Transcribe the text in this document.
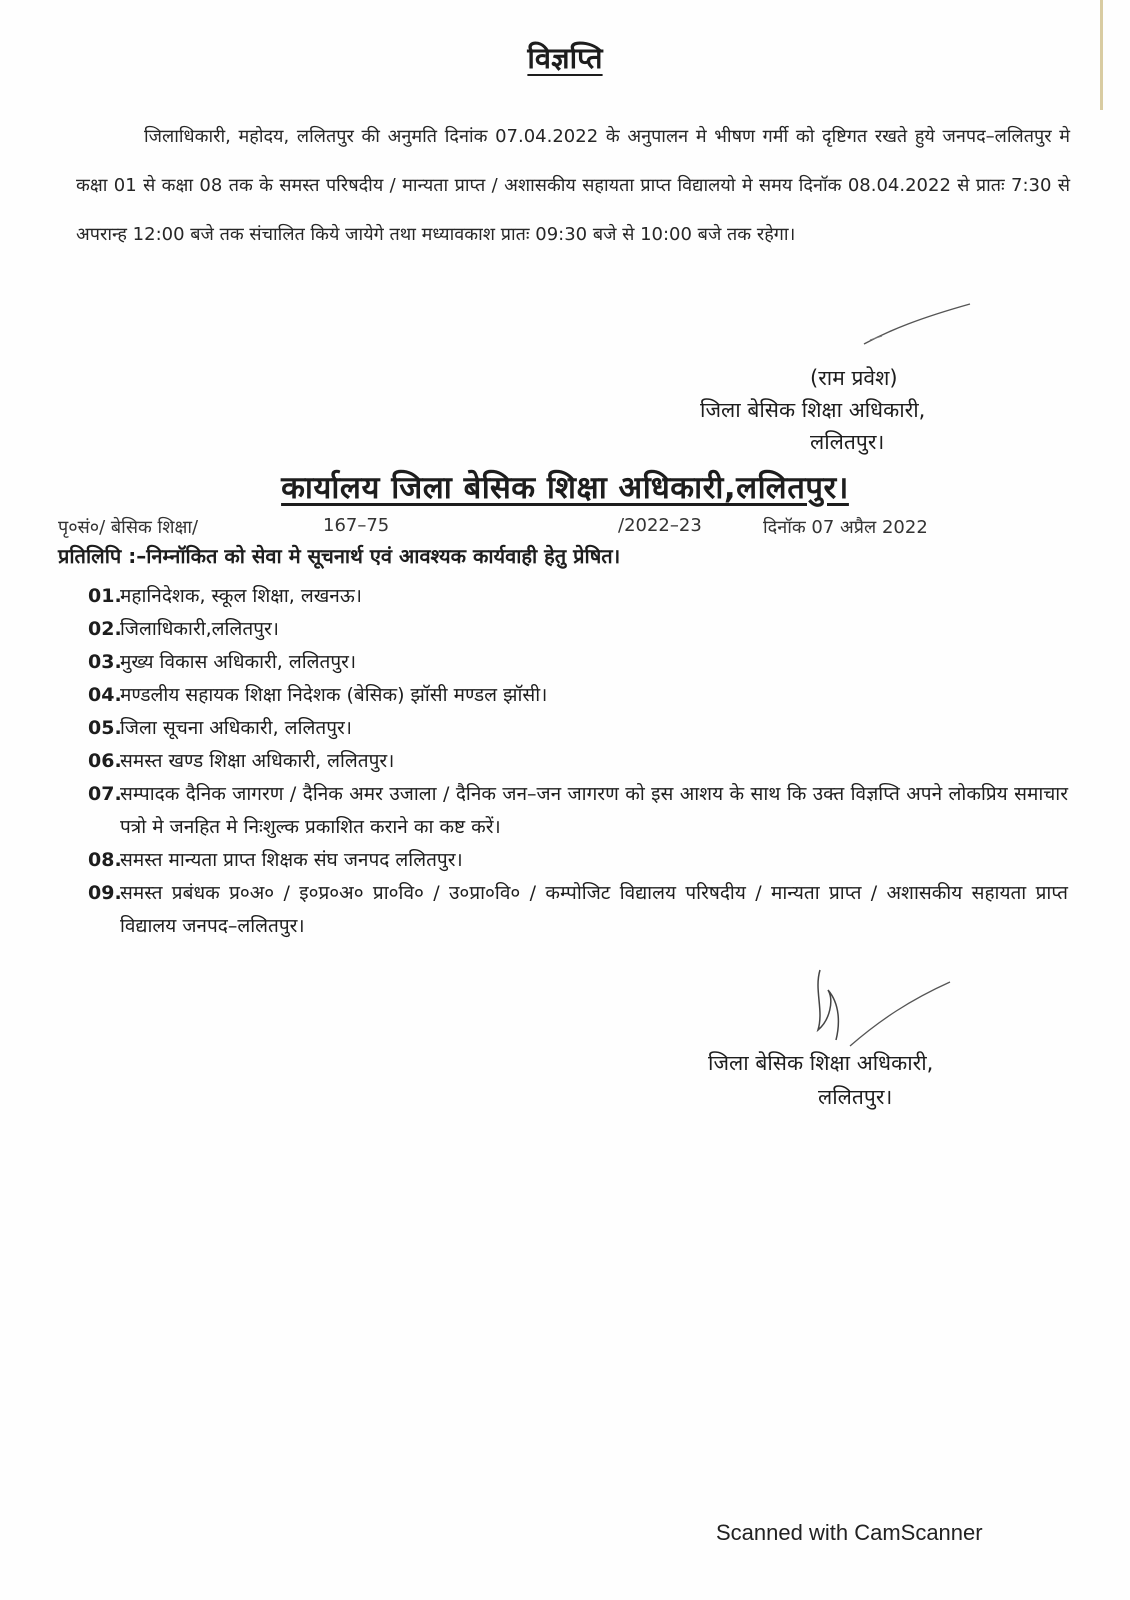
विज्ञप्ति
जिलाधिकारी, महोदय, ललितपुर की अनुमति दिनांक 07.04.2022 के अनुपालन मे भीषण गर्मी को दृष्टिगत रखते हुये जनपद–ललितपुर मे कक्षा 01 से कक्षा 08 तक के समस्त परिषदीय / मान्यता प्राप्त / अशासकीय सहायता प्राप्त विद्यालयो मे समय दिनॉक 08.04.2022 से प्रातः 7:30 से अपरान्ह 12:00 बजे तक संचालित किये जायेगे तथा मध्यावकाश प्रातः 09:30 बजे से 10:00 बजे तक रहेगा।
(राम प्रवेश)
जिला बेसिक शिक्षा अधिकारी,
ललितपुर।
कार्यालय जिला बेसिक शिक्षा अधिकारी,ललितपुर।
पृ०सं०/ बेसिक शिक्षा/	167–75	/2022–23	दिनॉक 07 अप्रैल 2022
प्रतिलिपि :–निम्नॉकित को सेवा मे सूचनार्थ एवं आवश्यक कार्यवाही हेतु प्रेषित।
01.
महानिदेशक, स्कूल शिक्षा, लखनऊ।
02.
जिलाधिकारी,ललितपुर।
03.
मुख्य विकास अधिकारी, ललितपुर।
04.
मण्डलीय सहायक शिक्षा निदेशक (बेसिक) झॉसी मण्डल झॉसी।
05.
जिला सूचना अधिकारी, ललितपुर।
06.
समस्त खण्ड शिक्षा अधिकारी, ललितपुर।
07.
सम्पादक दैनिक जागरण / दैनिक अमर उजाला / दैनिक जन–जन जागरण को इस आशय के साथ कि उक्त विज्ञप्ति अपने लोकप्रिय समाचार पत्रो मे जनहित मे निःशुल्क प्रकाशित कराने का कष्ट करें।
08.
समस्त मान्यता प्राप्त शिक्षक संघ जनपद ललितपुर।
09.
समस्त प्रबंधक प्र०अ० / इ०प्र०अ० प्रा०वि० / उ०प्रा०वि० / कम्पोजिट विद्यालय परिषदीय / मान्यता प्राप्त / अशासकीय सहायता प्राप्त विद्यालय जनपद–ललितपुर।
जिला बेसिक शिक्षा अधिकारी,
ललितपुर।
Scanned with CamScanner
